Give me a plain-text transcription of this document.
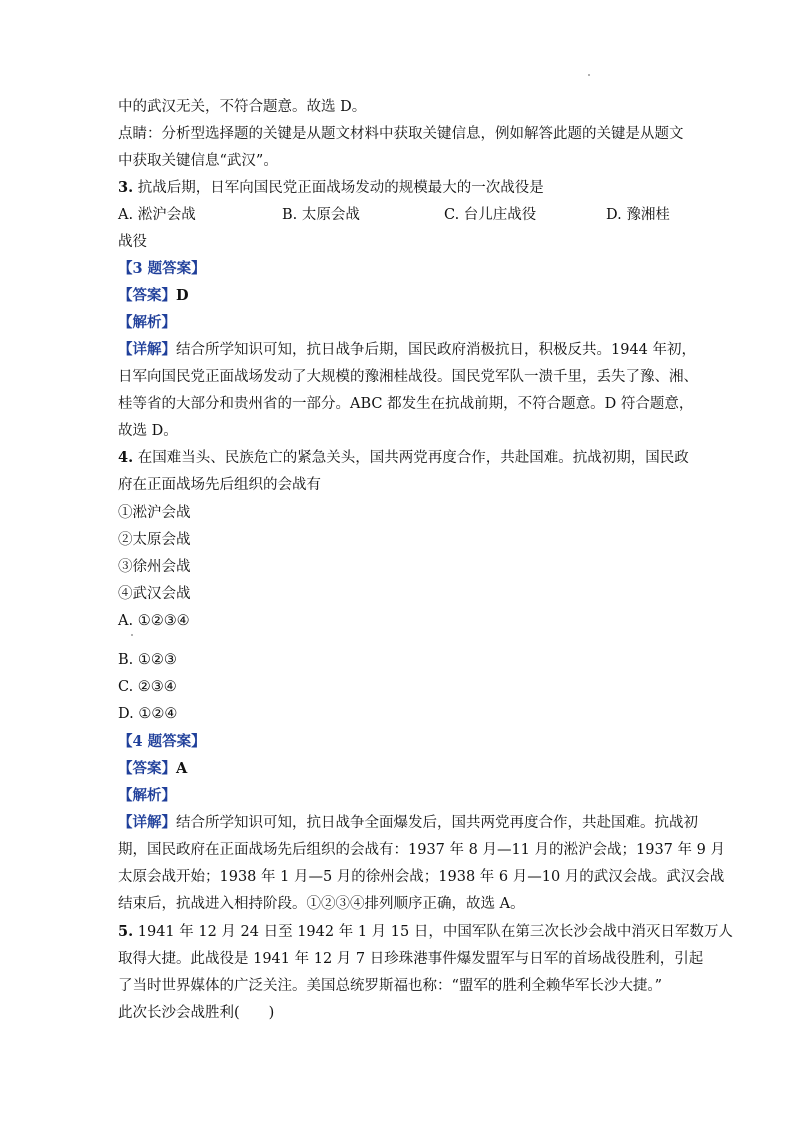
中的武汉无关，不符合题意。故选 D。
点睛：分析型选择题的关键是从题文材料中获取关键信息，例如解答此题的关键是从题文
中获取关键信息“武汉”。
3. 抗战后期，日军向国民党正面战场发动的规模最大的一次战役是
A. 淞沪会战	B. 太原会战	C. 台儿庄战役	D. 豫湘桂
战役
【3 题答案】
【答案】D
【解析】
【详解】结合所学知识可知，抗日战争后期，国民政府消极抗日，积极反共。1944 年初，
日军向国民党正面战场发动了大规模的豫湘桂战役。国民党军队一溃千里，丢失了豫、湘、
桂等省的大部分和贵州省的一部分。ABC 都发生在抗战前期，不符合题意。D 符合题意，
故选 D。
4. 在国难当头、民族危亡的紧急关头，国共两党再度合作，共赴国难。抗战初期，国民政
府在正面战场先后组织的会战有
①淞沪会战
②太原会战
③徐州会战
④武汉会战
A. ①②③④
B. ①②③
C. ②③④
D. ①②④
【4 题答案】
【答案】A
【解析】
【详解】结合所学知识可知，抗日战争全面爆发后，国共两党再度合作，共赴国难。抗战初
期，国民政府在正面战场先后组织的会战有：1937 年 8 月—11 月的淞沪会战；1937 年 9 月
太原会战开始；1938 年 1 月—5 月的徐州会战；1938 年 6 月—10 月的武汉会战。武汉会战
结束后，抗战进入相持阶段。①②③④排列顺序正确，故选 A。
5. 1941 年 12 月 24 日至 1942 年 1 月 15 日，中国军队在第三次长沙会战中消灭日军数万人
取得大捷。此战役是 1941 年 12 月 7 日珍珠港事件爆发盟军与日军的首场战役胜利，引起
了当时世界媒体的广泛关注。美国总统罗斯福也称：“盟军的胜利全赖华军长沙大捷。”
此次长沙会战胜利(　　)
